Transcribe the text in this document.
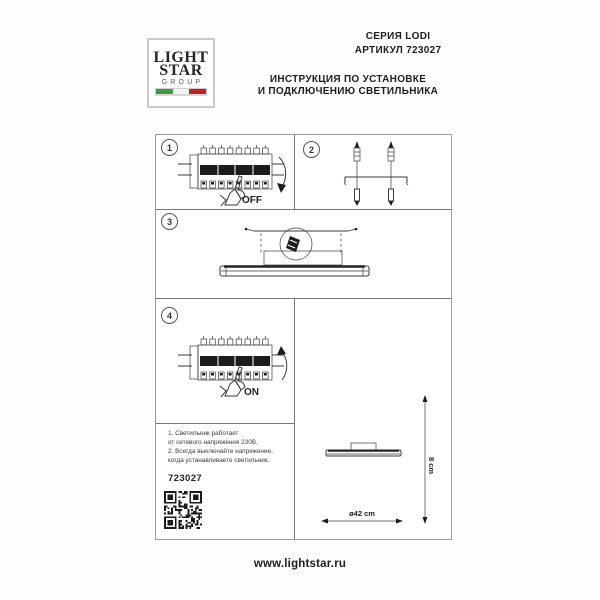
LIGHT
STAR
GROUP
СЕРИЯ LODI
АРТИКУЛ 723027
ИНСТРУКЦИЯ ПО УСТАНОВКЕ
И ПОДКЛЮЧЕНИЮ СВЕТИЛЬНИКА
1	2
3
4
OFF
ON
1. Светильник работает
от сетевого напряжения 230В.
2. Всегда выключайте напряжение,
когда устанавливаете светильник.
723027
8 cm
ø42 cm
www.lightstar.ru
